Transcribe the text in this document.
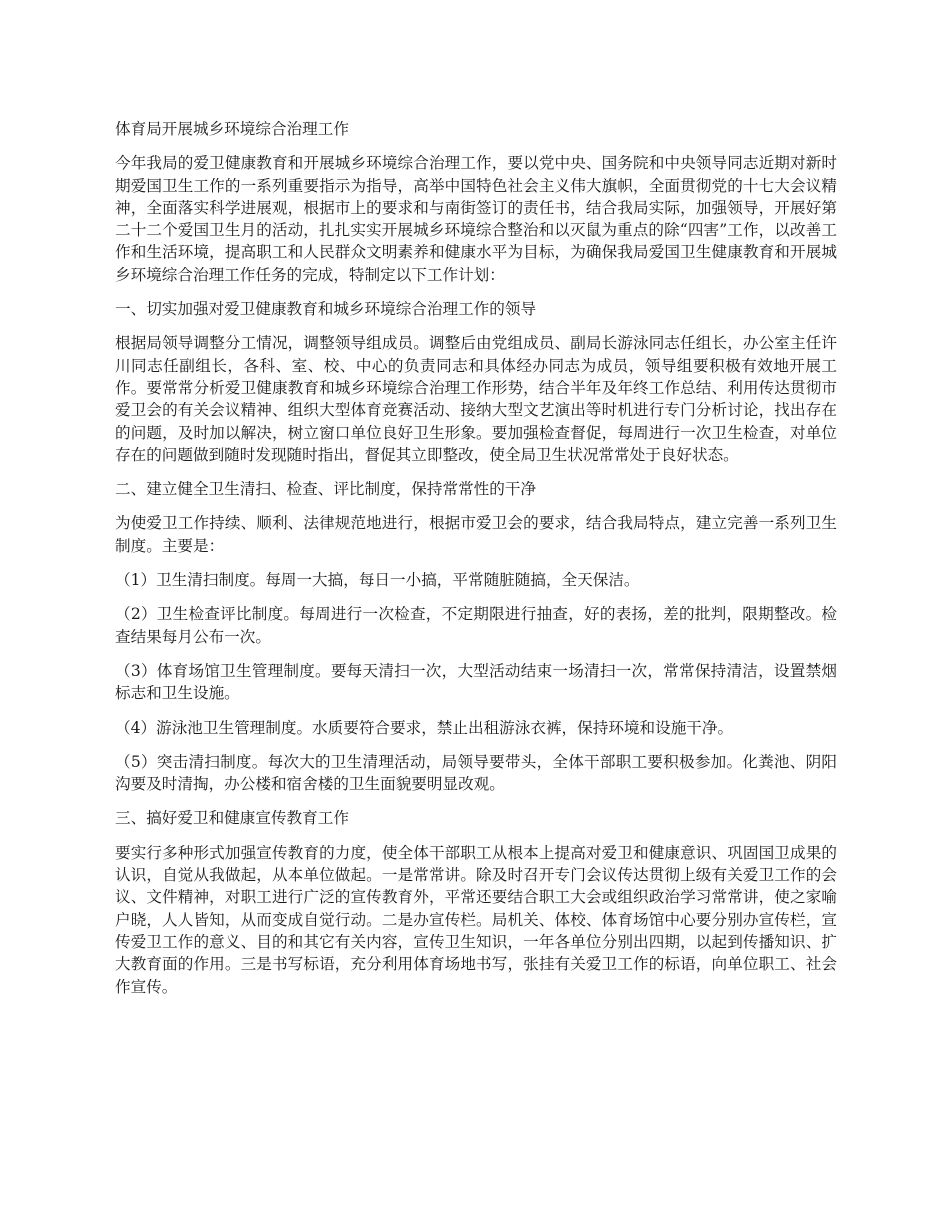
体育局开展城乡环境综合治理工作

今年我局的爱卫健康教育和开展城乡环境综合治理工作，要以党中央、国务院和中央领导同志近期对新时期爱国卫生工作的一系列重要指示为指导，高举中国特色社会主义伟大旗帜，全面贯彻党的十七大会议精神，全面落实科学进展观，根据市上的要求和与南街签订的责任书，结合我局实际，加强领导，开展好第二十二个爱国卫生月的活动，扎扎实实开展城乡环境综合整治和以灭鼠为重点的除“四害”工作，以改善工作和生活环境，提高职工和人民群众文明素养和健康水平为目标，为确保我局爱国卫生健康教育和开展城乡环境综合治理工作任务的完成，特制定以下工作计划：

一、切实加强对爱卫健康教育和城乡环境综合治理工作的领导

根据局领导调整分工情况，调整领导组成员。调整后由党组成员、副局长游泳同志任组长，办公室主任许川同志任副组长，各科、室、校、中心的负责同志和具体经办同志为成员，领导组要积极有效地开展工作。要常常分析爱卫健康教育和城乡环境综合治理工作形势，结合半年及年终工作总结、利用传达贯彻市爱卫会的有关会议精神、组织大型体育竞赛活动、接纳大型文艺演出等时机进行专门分析讨论，找出存在的问题，及时加以解决，树立窗口单位良好卫生形象。要加强检查督促，每周进行一次卫生检查，对单位存在的问题做到随时发现随时指出，督促其立即整改，使全局卫生状况常常处于良好状态。

二、建立健全卫生清扫、检查、评比制度，保持常常性的干净

为使爱卫工作持续、顺利、法律规范地进行，根据市爱卫会的要求，结合我局特点，建立完善一系列卫生制度。主要是：

（1）卫生清扫制度。每周一大搞，每日一小搞，平常随脏随搞，全天保洁。

（2）卫生检查评比制度。每周进行一次检查，不定期限进行抽查，好的表扬，差的批判，限期整改。检查结果每月公布一次。

（3）体育场馆卫生管理制度。要每天清扫一次，大型活动结束一场清扫一次，常常保持清洁，设置禁烟标志和卫生设施。

（4）游泳池卫生管理制度。水质要符合要求，禁止出租游泳衣裤，保持环境和设施干净。

（5）突击清扫制度。每次大的卫生清理活动，局领导要带头，全体干部职工要积极参加。化粪池、阴阳沟要及时清掏，办公楼和宿舍楼的卫生面貌要明显改观。

三、搞好爱卫和健康宣传教育工作

要实行多种形式加强宣传教育的力度，使全体干部职工从根本上提高对爱卫和健康意识、巩固国卫成果的认识，自觉从我做起，从本单位做起。一是常常讲。除及时召开专门会议传达贯彻上级有关爱卫工作的会议、文件精神，对职工进行广泛的宣传教育外，平常还要结合职工大会或组织政治学习常常讲，使之家喻户晓，人人皆知，从而变成自觉行动。二是办宣传栏。局机关、体校、体育场馆中心要分别办宣传栏，宣传爱卫工作的意义、目的和其它有关内容，宣传卫生知识，一年各单位分别出四期，以起到传播知识、扩大教育面的作用。三是书写标语，充分利用体育场地书写，张挂有关爱卫工作的标语，向单位职工、社会作宣传。
